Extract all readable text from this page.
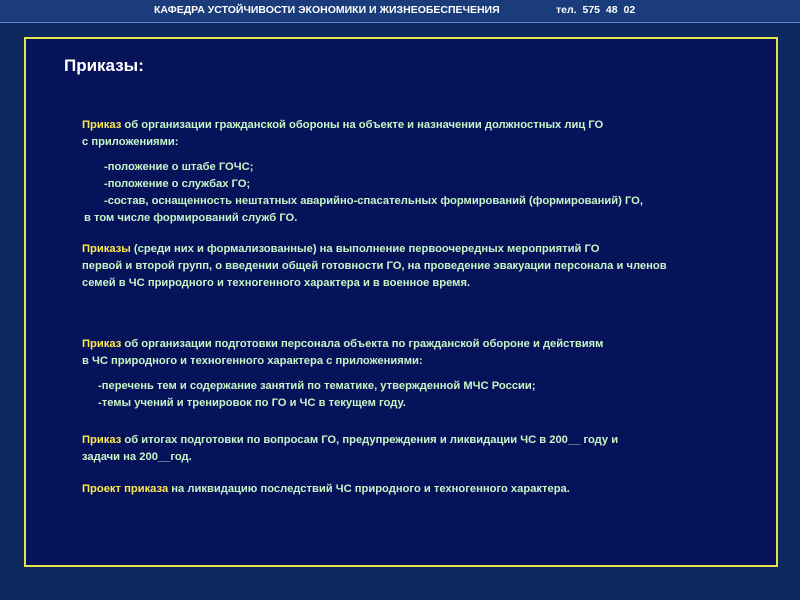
КАФЕДРА УСТОЙЧИВОСТИ ЭКОНОМИКИ И ЖИЗНЕОБЕСПЕЧЕНИЯ	тел. 575 48 02
Приказы:
Приказ об организации гражданской обороны на объекте и назначении должностных лиц ГО
с приложениями:
-положение о штабе ГОЧС;
-положение о службах ГО;
-состав, оснащенность нештатных аварийно-спасательных формирований (формирований) ГО,
в том числе формирований служб ГО.
Приказы (среди них и формализованные) на выполнение первоочередных мероприятий ГО
первой и второй групп, о введении общей готовности ГО, на проведение эвакуации персонала и членов
семей в ЧС природного и техногенного характера и в военное время.
Приказ об организации подготовки персонала объекта по гражданской обороне и действиям
в ЧС природного и техногенного характера с приложениями:
-перечень тем и содержание занятий по тематике, утвержденной МЧС России;
-темы учений и тренировок по ГО и ЧС в текущем году.
Приказ об итогах подготовки по вопросам ГО, предупреждения и ликвидации ЧС в 200__ году и
задачи на 200__год.
Проект приказа на ликвидацию последствий ЧС природного и техногенного характера.
